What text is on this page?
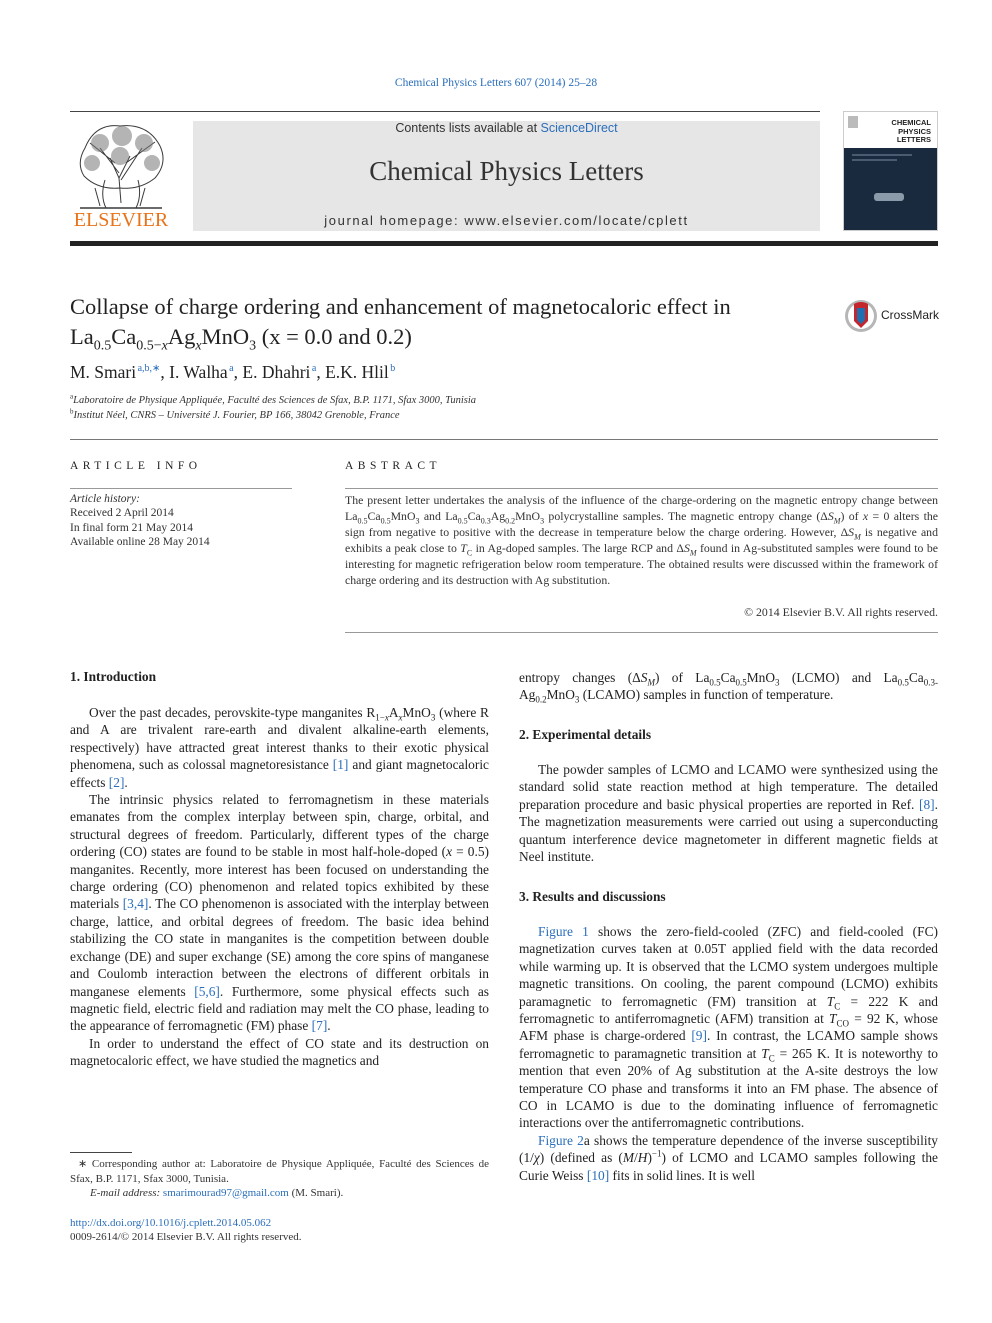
Chemical Physics Letters 607 (2014) 25–28
ELSEVIER
Contents lists available at ScienceDirect
Chemical Physics Letters
journal homepage: www.elsevier.com/locate/cplett
CHEMICAL
PHYSICS
LETTERS
Collapse of charge ordering and enhancement of magnetocaloric effect in
$La_{0.5}Ca_{0.5-x}Ag_xMnO_3$ (x = 0.0 and 0.2)
CrossMark
M. Smari $^{a,b,∗}$, I. Walha $^a$, E. Dhahri $^a$, E.K. Hlil $^b$
$^a$Laboratoire de Physique Appliquée, Faculté des Sciences de Sfax, B.P. 1171, Sfax 3000, Tunisia
$^b$Institut Néel, CNRS – Université J. Fourier, BP 166, 38042 Grenoble, France
ARTICLE INFO	ABSTRACT
Article history:
Received 2 April 2014
In final form 21 May 2014
Available online 28 May 2014
The present letter undertakes the analysis of the influence of the charge-ordering on the magnetic entropy change between $La_{0.5}Ca_{0.5}MnO_3$ and $La_{0.5}Ca_{0.3}Ag_{0.2}MnO_3$ polycrystalline samples. The magnetic entropy change $(\Delta S_M)$ of x = 0 alters the sign from negative to positive with the decrease in temperature below the charge ordering. However, $\Delta S_M$ is negative and exhibits a peak close to $T_C$ in Ag-doped samples. The large RCP and $\Delta S_M$ found in Ag-substituted samples were found to be interesting for magnetic refrigeration below room temperature. The obtained results were discussed within the framework of charge ordering and its destruction with Ag substitution.
© 2014 Elsevier B.V. All rights reserved.
1. Introduction

Over the past decades, perovskite-type manganites $R_{1-x}A_xMnO_3$ (where R and A are trivalent rare-earth and divalent alkaline-earth elements, respectively) have attracted great interest thanks to their exotic physical phenomena, such as colossal magnetoresistance [1] and giant magnetocaloric effects [2].

The intrinsic physics related to ferromagnetism in these materials emanates from the complex interplay between spin, charge, orbital, and structural degrees of freedom. Particularly, different types of the charge ordering (CO) states are found to be stable in most half-hole-doped (x = 0.5) manganites. Recently, more interest has been focused on understanding the charge ordering (CO) phenomenon and related topics exhibited by these materials [3,4]. The CO phenomenon is associated with the interplay between charge, lattice, and orbital degrees of freedom. The basic idea behind stabilizing the CO state in manganites is the competition between double exchange (DE) and super exchange (SE) among the core spins of manganese and Coulomb interaction between the electrons of different orbitals in manganese elements [5,6]. Furthermore, some physical effects such as magnetic field, electric field and radiation may melt the CO phase, leading to the appearance of ferromagnetic (FM) phase [7].

In order to understand the effect of CO state and its destruction on magnetocaloric effect, we have studied the magnetics and

∗ Corresponding author at: Laboratoire de Physique Appliquée, Faculté des Sciences de Sfax, B.P. 1171, Sfax 3000, Tunisia.
E-mail address: smarimourad97@gmail.com (M. Smari).
http://dx.doi.org/10.1016/j.cplett.2014.05.062
0009-2614/© 2014 Elsevier B.V. All rights reserved.
entropy changes $(\Delta S_M)$ of $La_{0.5}Ca_{0.5}MnO_3$ (LCMO) and $La_{0.5}Ca_{0.3-}$ $Ag_{0.2}MnO_3$ (LCAMO) samples in function of temperature.
2. Experimental details

The powder samples of LCMO and LCAMO were synthesized using the standard solid state reaction method at high temperature. The detailed preparation procedure and basic physical properties are reported in Ref. [8]. The magnetization measurements were carried out using a superconducting quantum interference device magnetometer in different magnetic fields at Neel institute.

3. Results and discussions

Figure 1 shows the zero-field-cooled (ZFC) and field-cooled (FC) magnetization curves taken at 0.05T applied field with the data recorded while warming up. It is observed that the LCMO system undergoes multiple magnetic transitions. On cooling, the parent compound (LCMO) exhibits paramagnetic to ferromagnetic (FM) transition at $T_C = 222$ K and ferromagnetic to antiferromagnetic (AFM) transition at $T_{CO} = 92$ K, whose AFM phase is charge-ordered [9]. In contrast, the LCAMO sample shows ferromagnetic to paramagnetic transition at $T_C = 265$ K. It is noteworthy to mention that even 20% of Ag substitution at the A-site destroys the low temperature CO phase and transforms it into an FM phase. The absence of CO in LCAMO is due to the dominating influence of ferromagnetic interactions over the antiferromagnetic contributions.

Figure 2a shows the temperature dependence of the inverse susceptibility (1/χ) (defined as $(M/H)^{-1}$) of LCMO and LCAMO samples following the Curie Weiss [10] fits in solid lines. It is well
